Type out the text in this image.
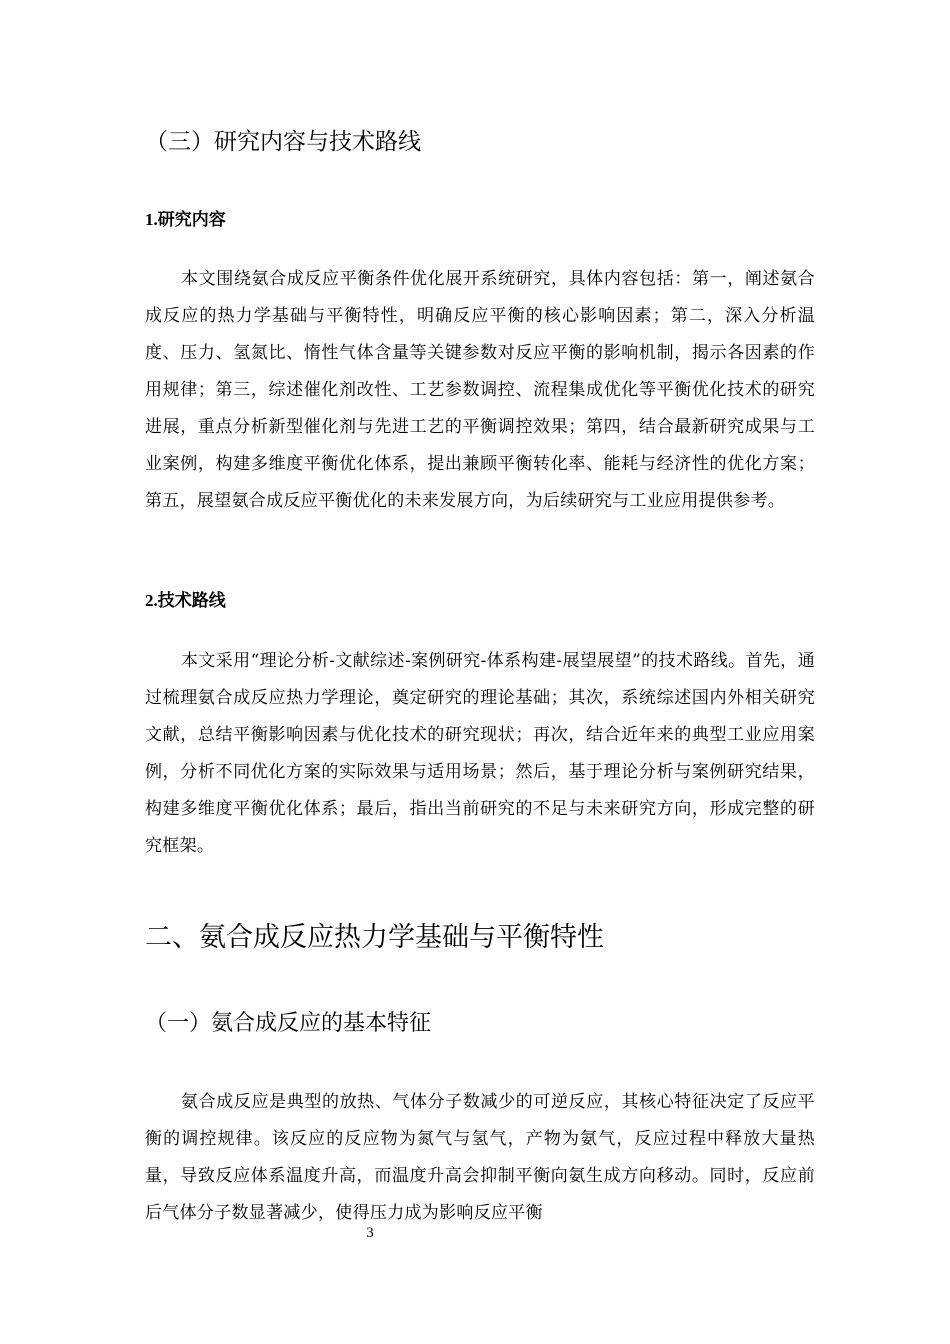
（三）研究内容与技术路线
1.研究内容

本文围绕氨合成反应平衡条件优化展开系统研究，具体内容包括：第一，阐述氨合成反应的热力学基础与平衡特性，明确反应平衡的核心影响因素；第二，深入分析温度、压力、氢氮比、惰性气体含量等关键参数对反应平衡的影响机制，揭示各因素的作用规律；第三，综述催化剂改性、工艺参数调控、流程集成优化等平衡优化技术的研究进展，重点分析新型催化剂与先进工艺的平衡调控效果；第四，结合最新研究成果与工业案例，构建多维度平衡优化体系，提出兼顾平衡转化率、能耗与经济性的优化方案；第五，展望氨合成反应平衡优化的未来发展方向，为后续研究与工业应用提供参考。

2.技术路线

本文采用“理论分析-文献综述-案例研究-体系构建-展望展望”的技术路线。首先，通过梳理氨合成反应热力学理论，奠定研究的理论基础；其次，系统综述国内外相关研究文献，总结平衡影响因素与优化技术的研究现状；再次，结合近年来的典型工业应用案例，分析不同优化方案的实际效果与适用场景；然后，基于理论分析与案例研究结果，构建多维度平衡优化体系；最后，指出当前研究的不足与未来研究方向，形成完整的研究框架。

二、氨合成反应热力学基础与平衡特性
（一）氨合成反应的基本特征

氨合成反应是典型的放热、气体分子数减少的可逆反应，其核心特征决定了反应平衡的调控规律。该反应的反应物为氮气与氢气，产物为氨气，反应过程中释放大量热量，导致反应体系温度升高，而温度升高会抑制平衡向氨生成方向移动。同时，反应前后气体分子数显著减少，使得压力成为影响反应平衡

3
